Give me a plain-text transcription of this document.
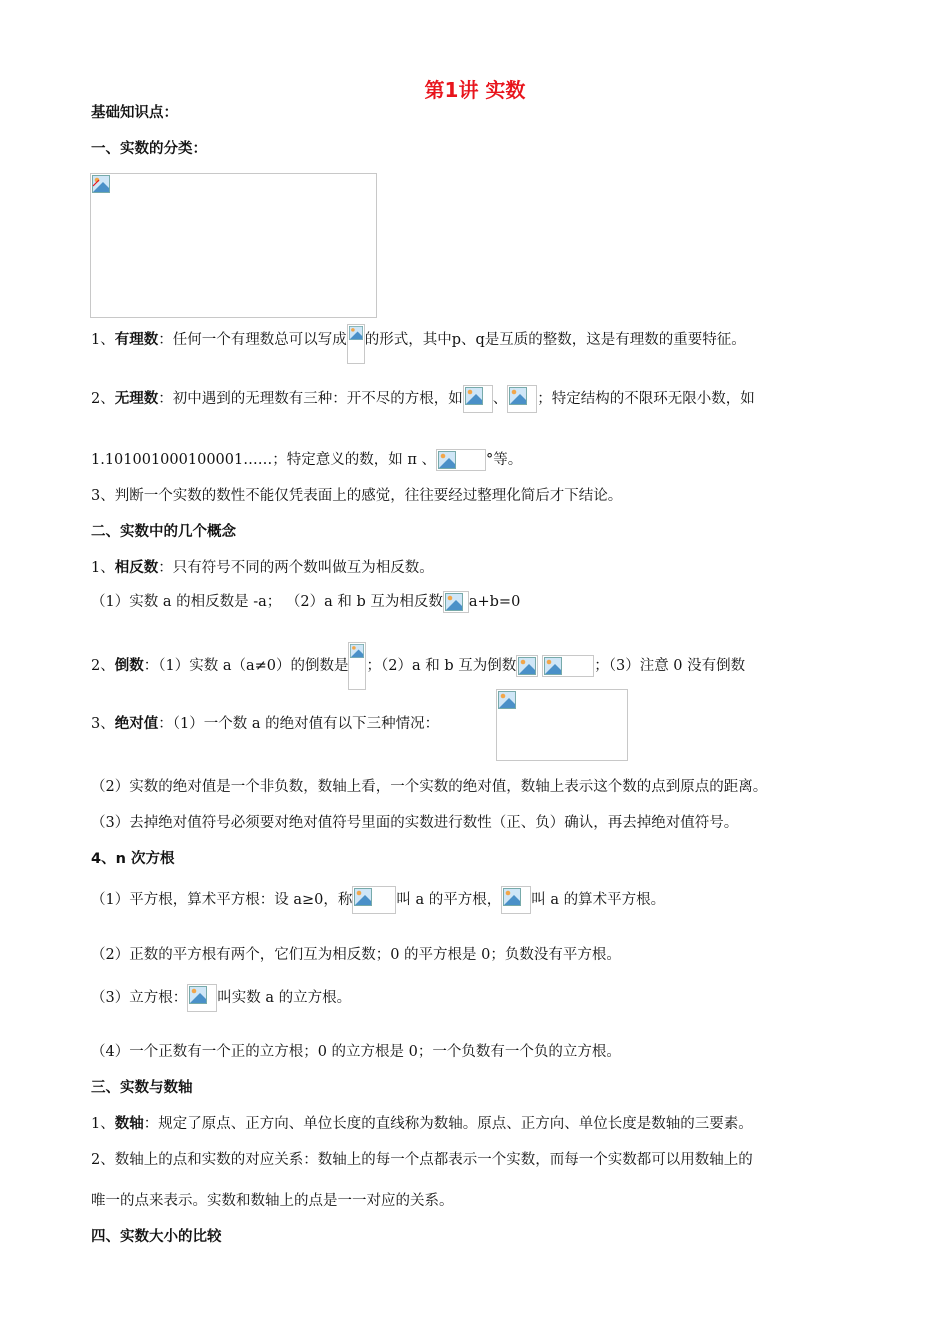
第1讲 实数
基础知识点：
一、实数的分类：
1、有理数：任何一个有理数总可以写成 的形式，其中p、q是互质的整数，这是有理数的重要特征。
2、无理数：初中遇到的无理数有三种：开不尽的方根，如 、 ；特定结构的不限环无限小数，如
1.101001000100001……；特定意义的数，如 π 、	°等。
3、判断一个实数的数性不能仅凭表面上的感觉，往往要经过整理化简后才下结论。
二、实数中的几个概念
1、相反数：只有符号不同的两个数叫做互为相反数。
（1）实数 a 的相反数是 -a； （2）a 和 b 互为相反数 a+b=0
2、倒数：（1）实数 a（a≠0）的倒数是 ；（2）a 和 b 互为倒数	；（3）注意 0 没有倒数
3、绝对值：（1）一个数 a 的绝对值有以下三种情况：
（2）实数的绝对值是一个非负数，数轴上看，一个实数的绝对值，数轴上表示这个数的点到原点的距离。
（3）去掉绝对值符号必须要对绝对值符号里面的实数进行数性（正、负）确认，再去掉绝对值符号。
4、n 次方根
（1）平方根，算术平方根：设 a≥0，称	叫 a 的平方根， 叫 a 的算术平方根。
（2）正数的平方根有两个，它们互为相反数；0 的平方根是 0；负数没有平方根。
（3）立方根： 叫实数 a 的立方根。
（4）一个正数有一个正的立方根；0 的立方根是 0；一个负数有一个负的立方根。
三、实数与数轴
1、数轴：规定了原点、正方向、单位长度的直线称为数轴。原点、正方向、单位长度是数轴的三要素。
2、数轴上的点和实数的对应关系：数轴上的每一个点都表示一个实数，而每一个实数都可以用数轴上的
唯一的点来表示。实数和数轴上的点是一一对应的关系。
四、实数大小的比较
